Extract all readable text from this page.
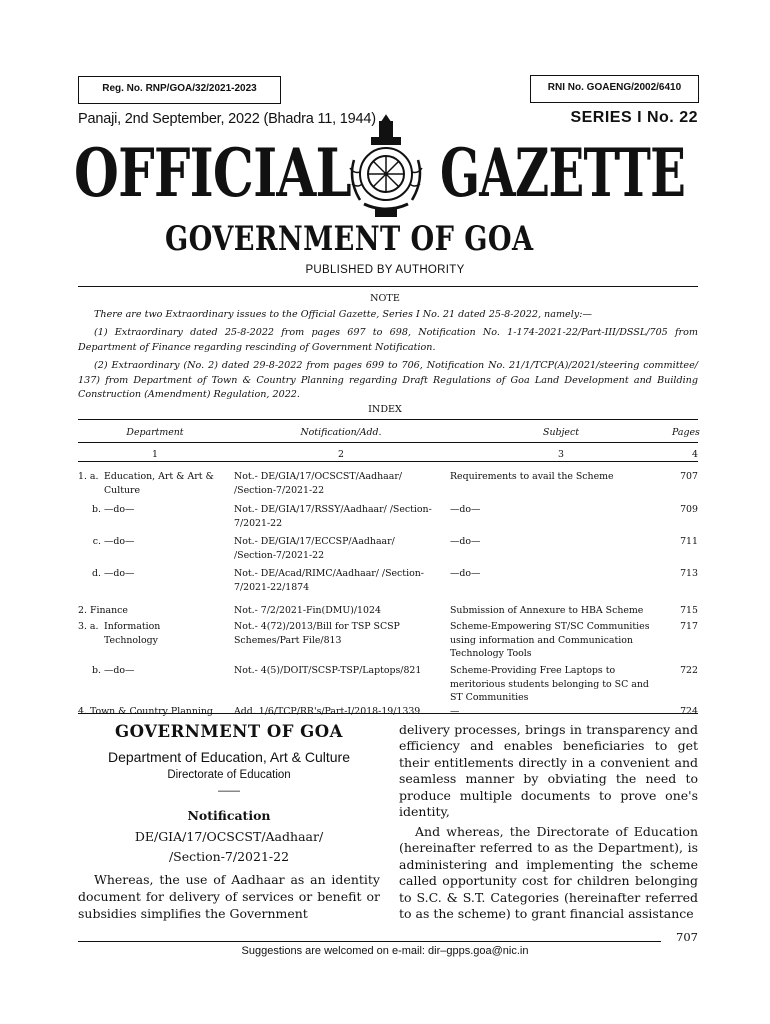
Reg. No. RNP/GOA/32/2021-2023	RNI No. GOAENG/2002/6410
Panaji, 2nd September, 2022 (Bhadra 11, 1944)	SERIES I No. 22
OFFICIAL GAZETTE
GOVERNMENT OF GOA
PUBLISHED BY AUTHORITY
NOTE
There are two Extraordinary issues to the Official Gazette, Series I No. 21 dated 25-8-2022, namely:—
(1) Extraordinary dated 25-8-2022 from pages 697 to 698, Notification No. 1-174-2021-22/Part-III/DSSL/705 from Department of Finance regarding rescinding of Government Notification.
(2) Extraordinary (No. 2) dated 29-8-2022 from pages 699 to 706, Notification No. 21/1/TCP(A)/2021/steering committee/ 137) from Department of Town & Country Planning regarding Draft Regulations of Goa Land Development and Building Construction (Amendment) Regulation, 2022.
INDEX
Department	Notification/Add.	Subject	Pages
1	2	3	4
1. a. Education, Art & Art & Culture	Not.- DE/GIA/17/OCSCST/Aadhaar/ /Section-7/2021-22	Requirements to avail the Scheme	707
b. —do—	Not.- DE/GIA/17/RSSY/Aadhaar/ /Section-7/2021-22	—do—	709
c. —do—	Not.- DE/GIA/17/ECCSP/Aadhaar/ /Section-7/2021-22	—do—	711
d. —do—	Not.- DE/Acad/RIMC/Aadhaar/ /Section-7/2021-22/1874	—do—	713
2. Finance	Not.- 7/2/2021-Fin(DMU)/1024	Submission of Annexure to HBA Scheme	715
3. a. Information Technology	Not.- 4(72)/2013/Bill for TSP SCSP Schemes/Part File/813	Scheme-Empowering ST/SC Communities using information and Communication Technology Tools	717
b. —do—	Not.- 4(5)/DOIT/SCSP-TSP/Laptops/821	Scheme-Providing Free Laptops to meritorious students belonging to SC and ST Communities	722
4. Town & Country Planning	Add. 1/6/TCP/RR's/Part-I/2018-19/1339	—	724
GOVERNMENT OF GOA
Department of Education, Art & Culture
Directorate of Education
——
Notification
DE/GIA/17/OCSCST/Aadhaar/
/Section-7/2021-22
Whereas, the use of Aadhaar as an identity document for delivery of services or benefit or subsidies simplifies the Government
delivery processes, brings in transparency and efficiency and enables beneficiaries to get their entitlements directly in a convenient and seamless manner by obviating the need to produce multiple documents to prove one's identity,
And whereas, the Directorate of Education (hereinafter referred to as the Department), is administering and implementing the scheme called opportunity cost for children belonging to S.C. & S.T. Categories (hereinafter referred to as the scheme) to grant financial assistance
707
Suggestions are welcomed on e-mail: dir–gpps.goa@nic.in
